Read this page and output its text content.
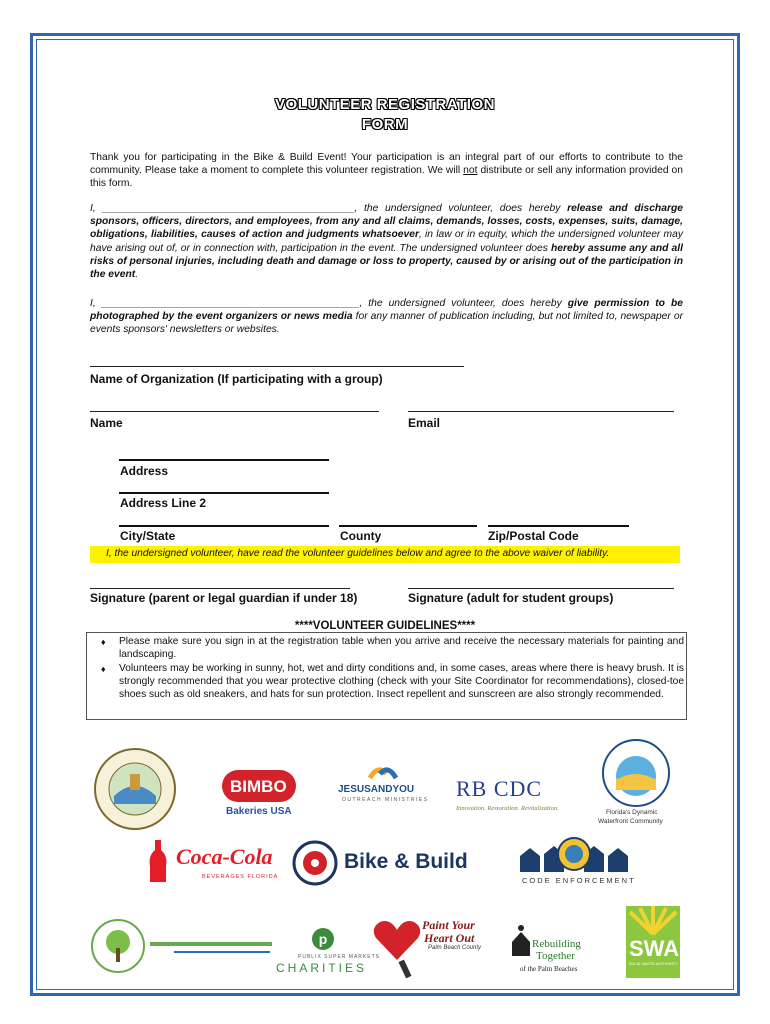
VOLUNTEER REGISTRATION
FORM
Thank you for participating in the Bike & Build Event! Your participation is an integral part of our efforts to contribute to the community. Please take a moment to complete this volunteer registration. We will not distribute or sell any information provided on this form.
I, ____________________________________________, the undersigned volunteer, does hereby release and discharge sponsors, officers, directors, and employees, from any and all claims, demands, losses, costs, expenses, suits, damage, obligations, liabilities, causes of action and judgments whatsoever, in law or in equity, which the undersigned volunteer may have arising out of, or in connection with, participation in the event. The undersigned volunteer does hereby assume any and all risks of personal injuries, including death and damage or loss to property, caused by or arising out of the participation in the event.
I, _____________________________________________, the undersigned volunteer, does hereby give permission to be photographed by the event organizers or news media for any manner of publication including, but not limited to, newspaper or events sponsors' newsletters or websites.
Name of Organization (If participating with a group)
Name	Email
Address
Address Line 2
City/State	County	Zip/Postal Code
I, the undersigned volunteer, have read the volunteer guidelines below and agree to the above waiver of liability.
Signature (parent or legal guardian if under 18)	Signature (adult for student groups)
****VOLUNTEER GUIDELINES****
♦ Please make sure you sign in at the registration table when you arrive and receive the necessary materials for painting and landscaping.
♦ Volunteers may be working in sunny, hot, wet and dirty conditions and, in some cases, areas where there is heavy brush. It is strongly recommended that you wear protective clothing (check with your Site Coordinator for recommendations), closed-toe shoes such as old sneakers, and hats for sun protection. Insect repellent and sunscreen are also strongly recommended.
BIMBO
Bakeries USA
JESUSANDYOU
OUTREACH MINISTRIES RB CDC
Innovation. Restoration. Revitalization.
Florida's Dynamic
Waterfront Community
Coca-Cola
BEVERAGES FLORIDA
Bike & Build
CODE ENFORCEMENT
p
PUBLIX SUPER MARKETS
CHARITIES
Paint Your
Heart Out
Palm Beach County	Rebuilding
Together
of the Palm Beaches
SWA
SOLID WASTE AUTHORITY
